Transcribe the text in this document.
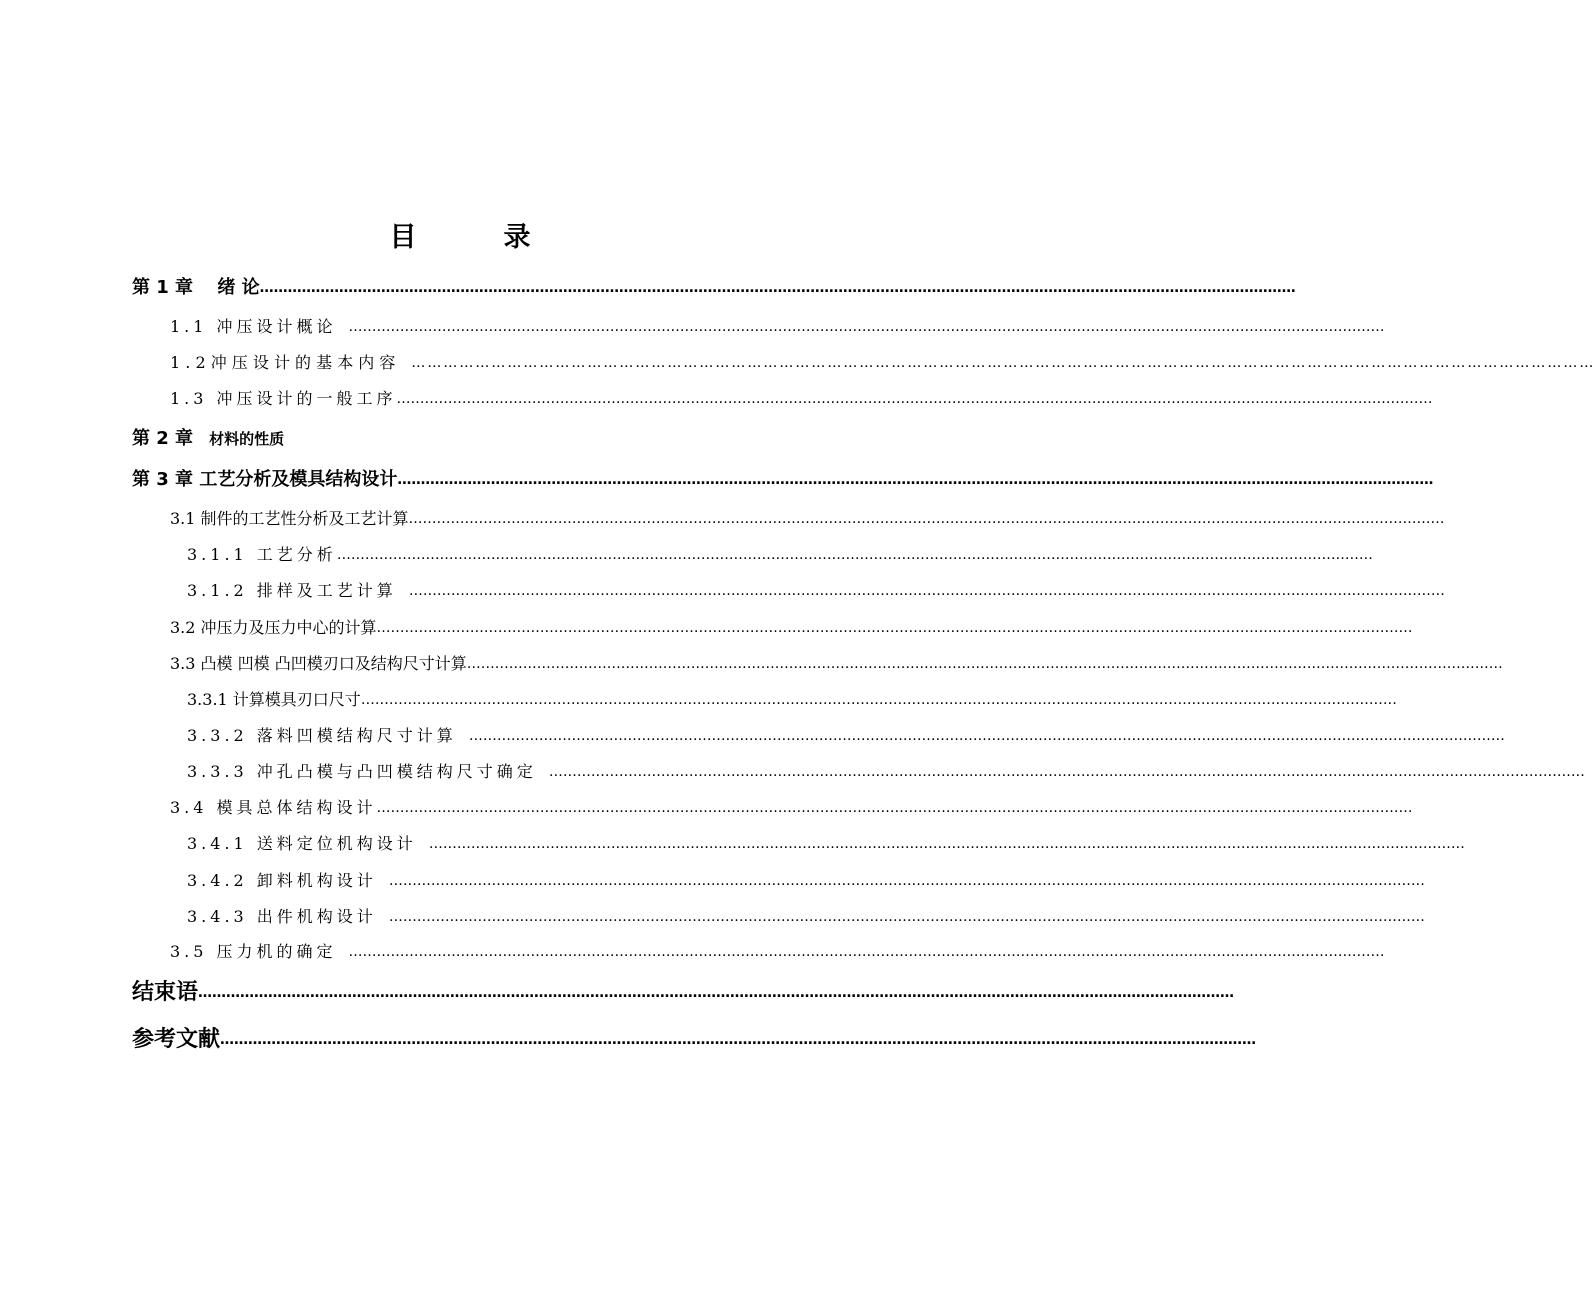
目　录
第 1 章　 绪 论 ……………………………………………………………………………………………………………………………………………………………………………………………………
1.1 冲压设计概论 ……………………………………………………………………………………………………………………………………………………………………………………………………
1 . 2 冲 压 设 计 的 基 本 内 容 ……………………………………………………………………………………………………………………………………………………………………………………………………
1.3 冲压设计的一般工序 ……………………………………………………………………………………………………………………………………………………………………………………………………
第 2 章 材料的性质
第 3 章 工艺分析及模具结构设计 ……………………………………………………………………………………………………………………………………………………………………………………………………
3.1 制件的工艺性分析及工艺计算 ……………………………………………………………………………………………………………………………………………………………………………………………………
3.1.1 工艺分析 ……………………………………………………………………………………………………………………………………………………………………………………………………
3.1.2 排样及工艺计算 ……………………………………………………………………………………………………………………………………………………………………………………………………
3.2 冲压力及压力中心的计算 ……………………………………………………………………………………………………………………………………………………………………………………………………
3.3 凸模 凹模 凸凹模刃口及结构尺寸计算 ……………………………………………………………………………………………………………………………………………………………………………………………………
3.3.1 计算模具刃口尺寸 ……………………………………………………………………………………………………………………………………………………………………………………………………
3.3.2 落料凹模结构尺寸计算 ……………………………………………………………………………………………………………………………………………………………………………………………………
3.3.3 冲孔凸模与凸凹模结构尺寸确定 ……………………………………………………………………………………………………………………………………………………………………………………………………
3.4 模具总体结构设计 ……………………………………………………………………………………………………………………………………………………………………………………………………
3.4.1 送料定位机构设计 ……………………………………………………………………………………………………………………………………………………………………………………………………
3.4.2 卸料机构设计 ……………………………………………………………………………………………………………………………………………………………………………………………………
3.4.3 出件机构设计 ……………………………………………………………………………………………………………………………………………………………………………………………………
3.5 压力机的确定 ……………………………………………………………………………………………………………………………………………………………………………………………………
结束语 ……………………………………………………………………………………………………………………………………………………………………………………………………
参考文献 ……………………………………………………………………………………………………………………………………………………………………………………………………
